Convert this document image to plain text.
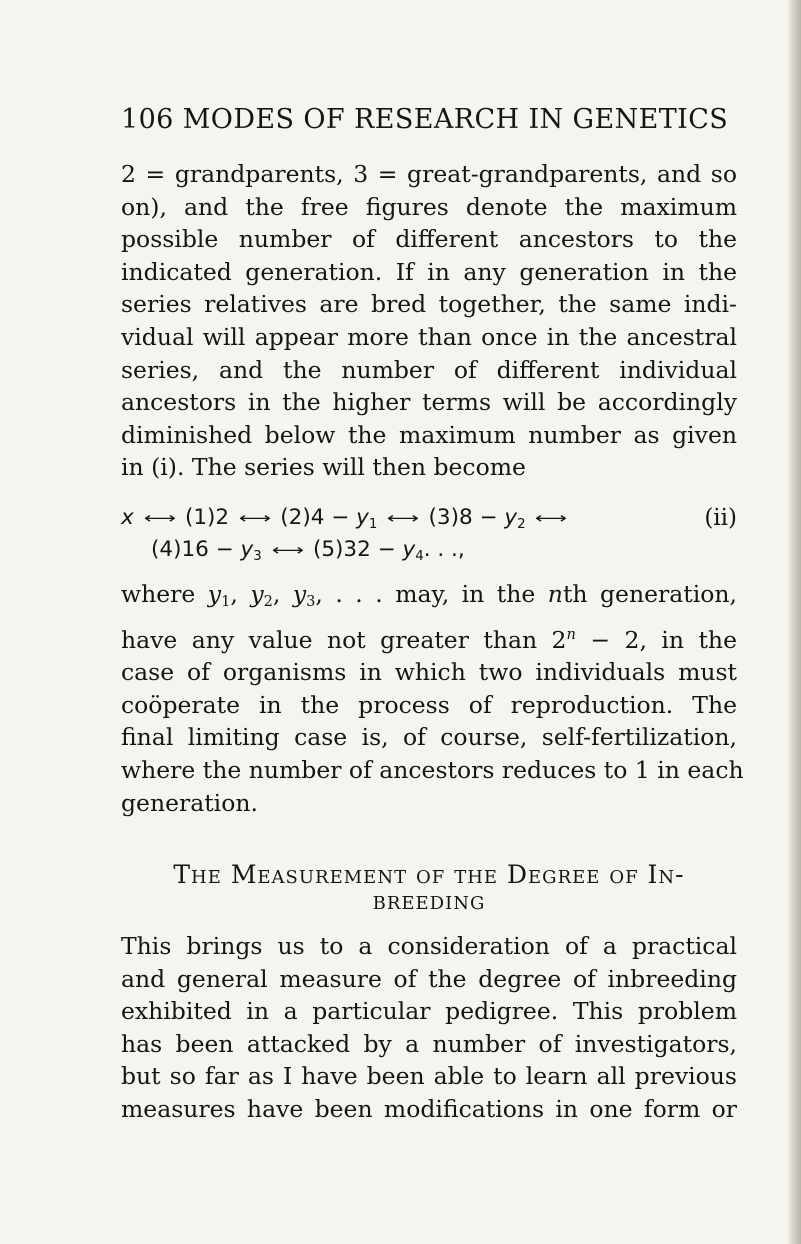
106 MODES OF RESEARCH IN GENETICS
2 = grandparents, 3 = great-grandparents, and so
on), and the free figures denote the maximum
possible number of different ancestors to the
indicated generation. If in any generation in the
series relatives are bred together, the same indi-
vidual will appear more than once in the ancestral
series, and the number of different individual
ancestors in the higher terms will be accordingly
diminished below the maximum number as given
in (i). The series will then become
x ⟷ (1)2 ⟷ $(2)4 - y_1$ ⟷ $(3)8 - y_2$ ⟷	(ii)
$(4)16 - y_3$ ⟷ $(5)32 - y_4$. . .,
where $y_1$, $y_2$, $y_3$, . . . may, in the nth generation,
have any value not greater than $2^n - 2$, in the
case of organisms in which two individuals must
coöperate in the process of reproduction. The
final limiting case is, of course, self-fertilization,
where the number of ancestors reduces to 1 in each
generation.
The Measurement of the Degree of In-
BREEDING
This brings us to a consideration of a practical
and general measure of the degree of inbreeding
exhibited in a particular pedigree. This problem
has been attacked by a number of investigators,
but so far as I have been able to learn all previous
measures have been modifications in one form or
